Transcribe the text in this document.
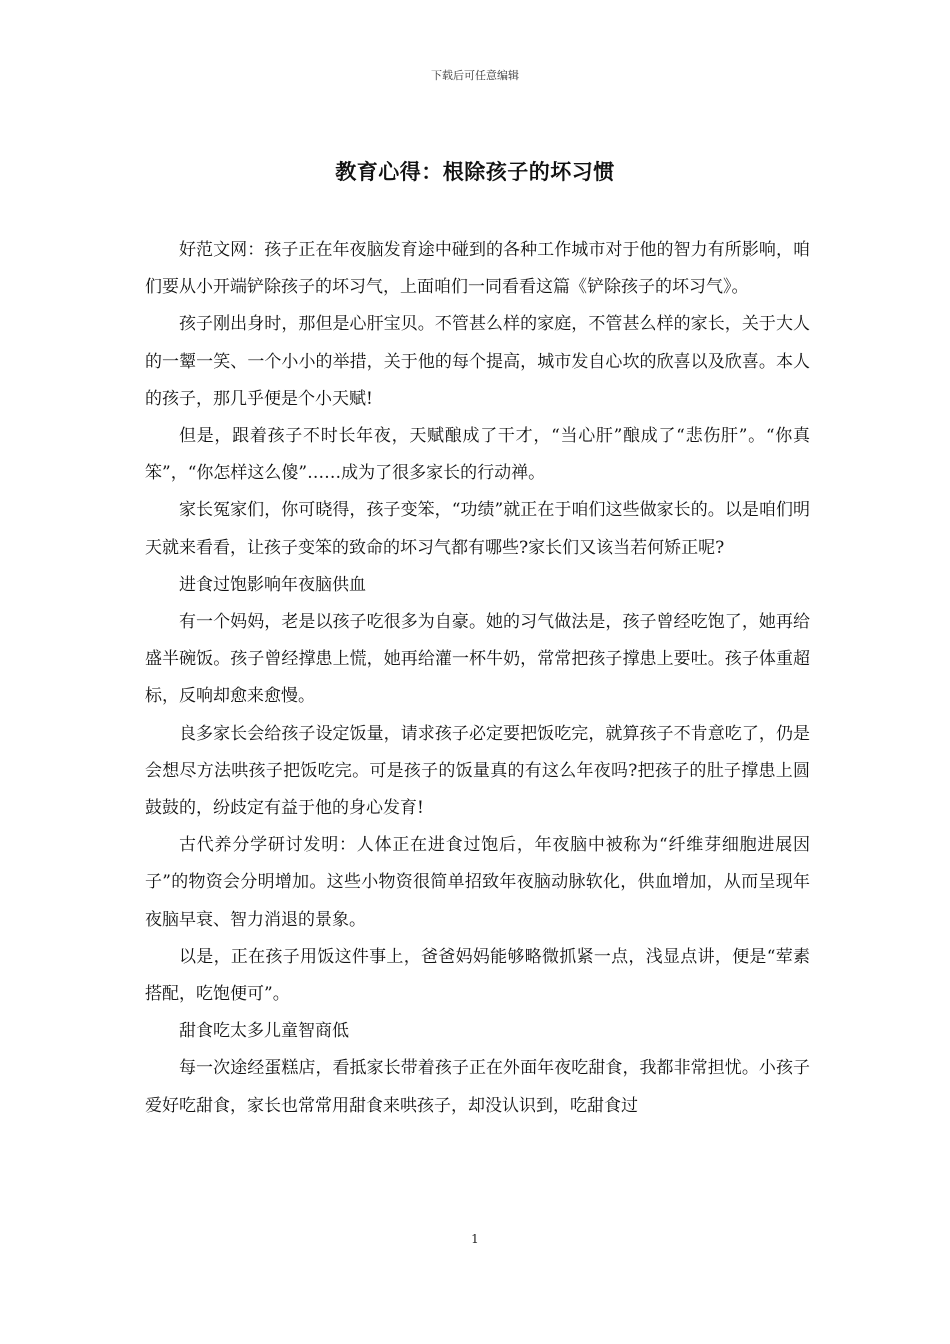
下载后可任意编辑
教育心得：根除孩子的坏习惯

好范文网：孩子正在年夜脑发育途中碰到的各种工作城市对于他的智力有所影响，咱们要从小开端铲除孩子的坏习气，上面咱们一同看看这篇《铲除孩子的坏习气》。

孩子刚出身时，那但是心肝宝贝。不管甚么样的家庭，不管甚么样的家长，关于大人的一颦一笑、一个小小的举措，关于他的每个提高，城市发自心坎的欣喜以及欣喜。本人的孩子，那几乎便是个小天赋!

但是，跟着孩子不时长年夜，天赋酿成了干才，“当心肝”酿成了“悲伤肝”。“你真笨”，“你怎样这么傻”……成为了很多家长的行动禅。

家长冤家们，你可晓得，孩子变笨，“功绩”就正在于咱们这些做家长的。以是咱们明天就来看看，让孩子变笨的致命的坏习气都有哪些?家长们又该当若何矫正呢?

进食过饱影响年夜脑供血

有一个妈妈，老是以孩子吃很多为自豪。她的习气做法是，孩子曾经吃饱了，她再给盛半碗饭。孩子曾经撑患上慌，她再给灌一杯牛奶，常常把孩子撑患上要吐。孩子体重超标，反响却愈来愈慢。

良多家长会给孩子设定饭量，请求孩子必定要把饭吃完，就算孩子不肯意吃了，仍是会想尽方法哄孩子把饭吃完。可是孩子的饭量真的有这么年夜吗?把孩子的肚子撑患上圆鼓鼓的，纷歧定有益于他的身心发育!

古代养分学研讨发明：人体正在进食过饱后，年夜脑中被称为“纤维芽细胞进展因子”的物资会分明增加。这些小物资很简单招致年夜脑动脉软化，供血增加，从而呈现年夜脑早衰、智力消退的景象。

以是，正在孩子用饭这件事上，爸爸妈妈能够略微抓紧一点，浅显点讲，便是“荤素搭配，吃饱便可”。

甜食吃太多儿童智商低

每一次途经蛋糕店，看抵家长带着孩子正在外面年夜吃甜食，我都非常担忧。小孩子爱好吃甜食，家长也常常用甜食来哄孩子，却没认识到，吃甜食过

1
